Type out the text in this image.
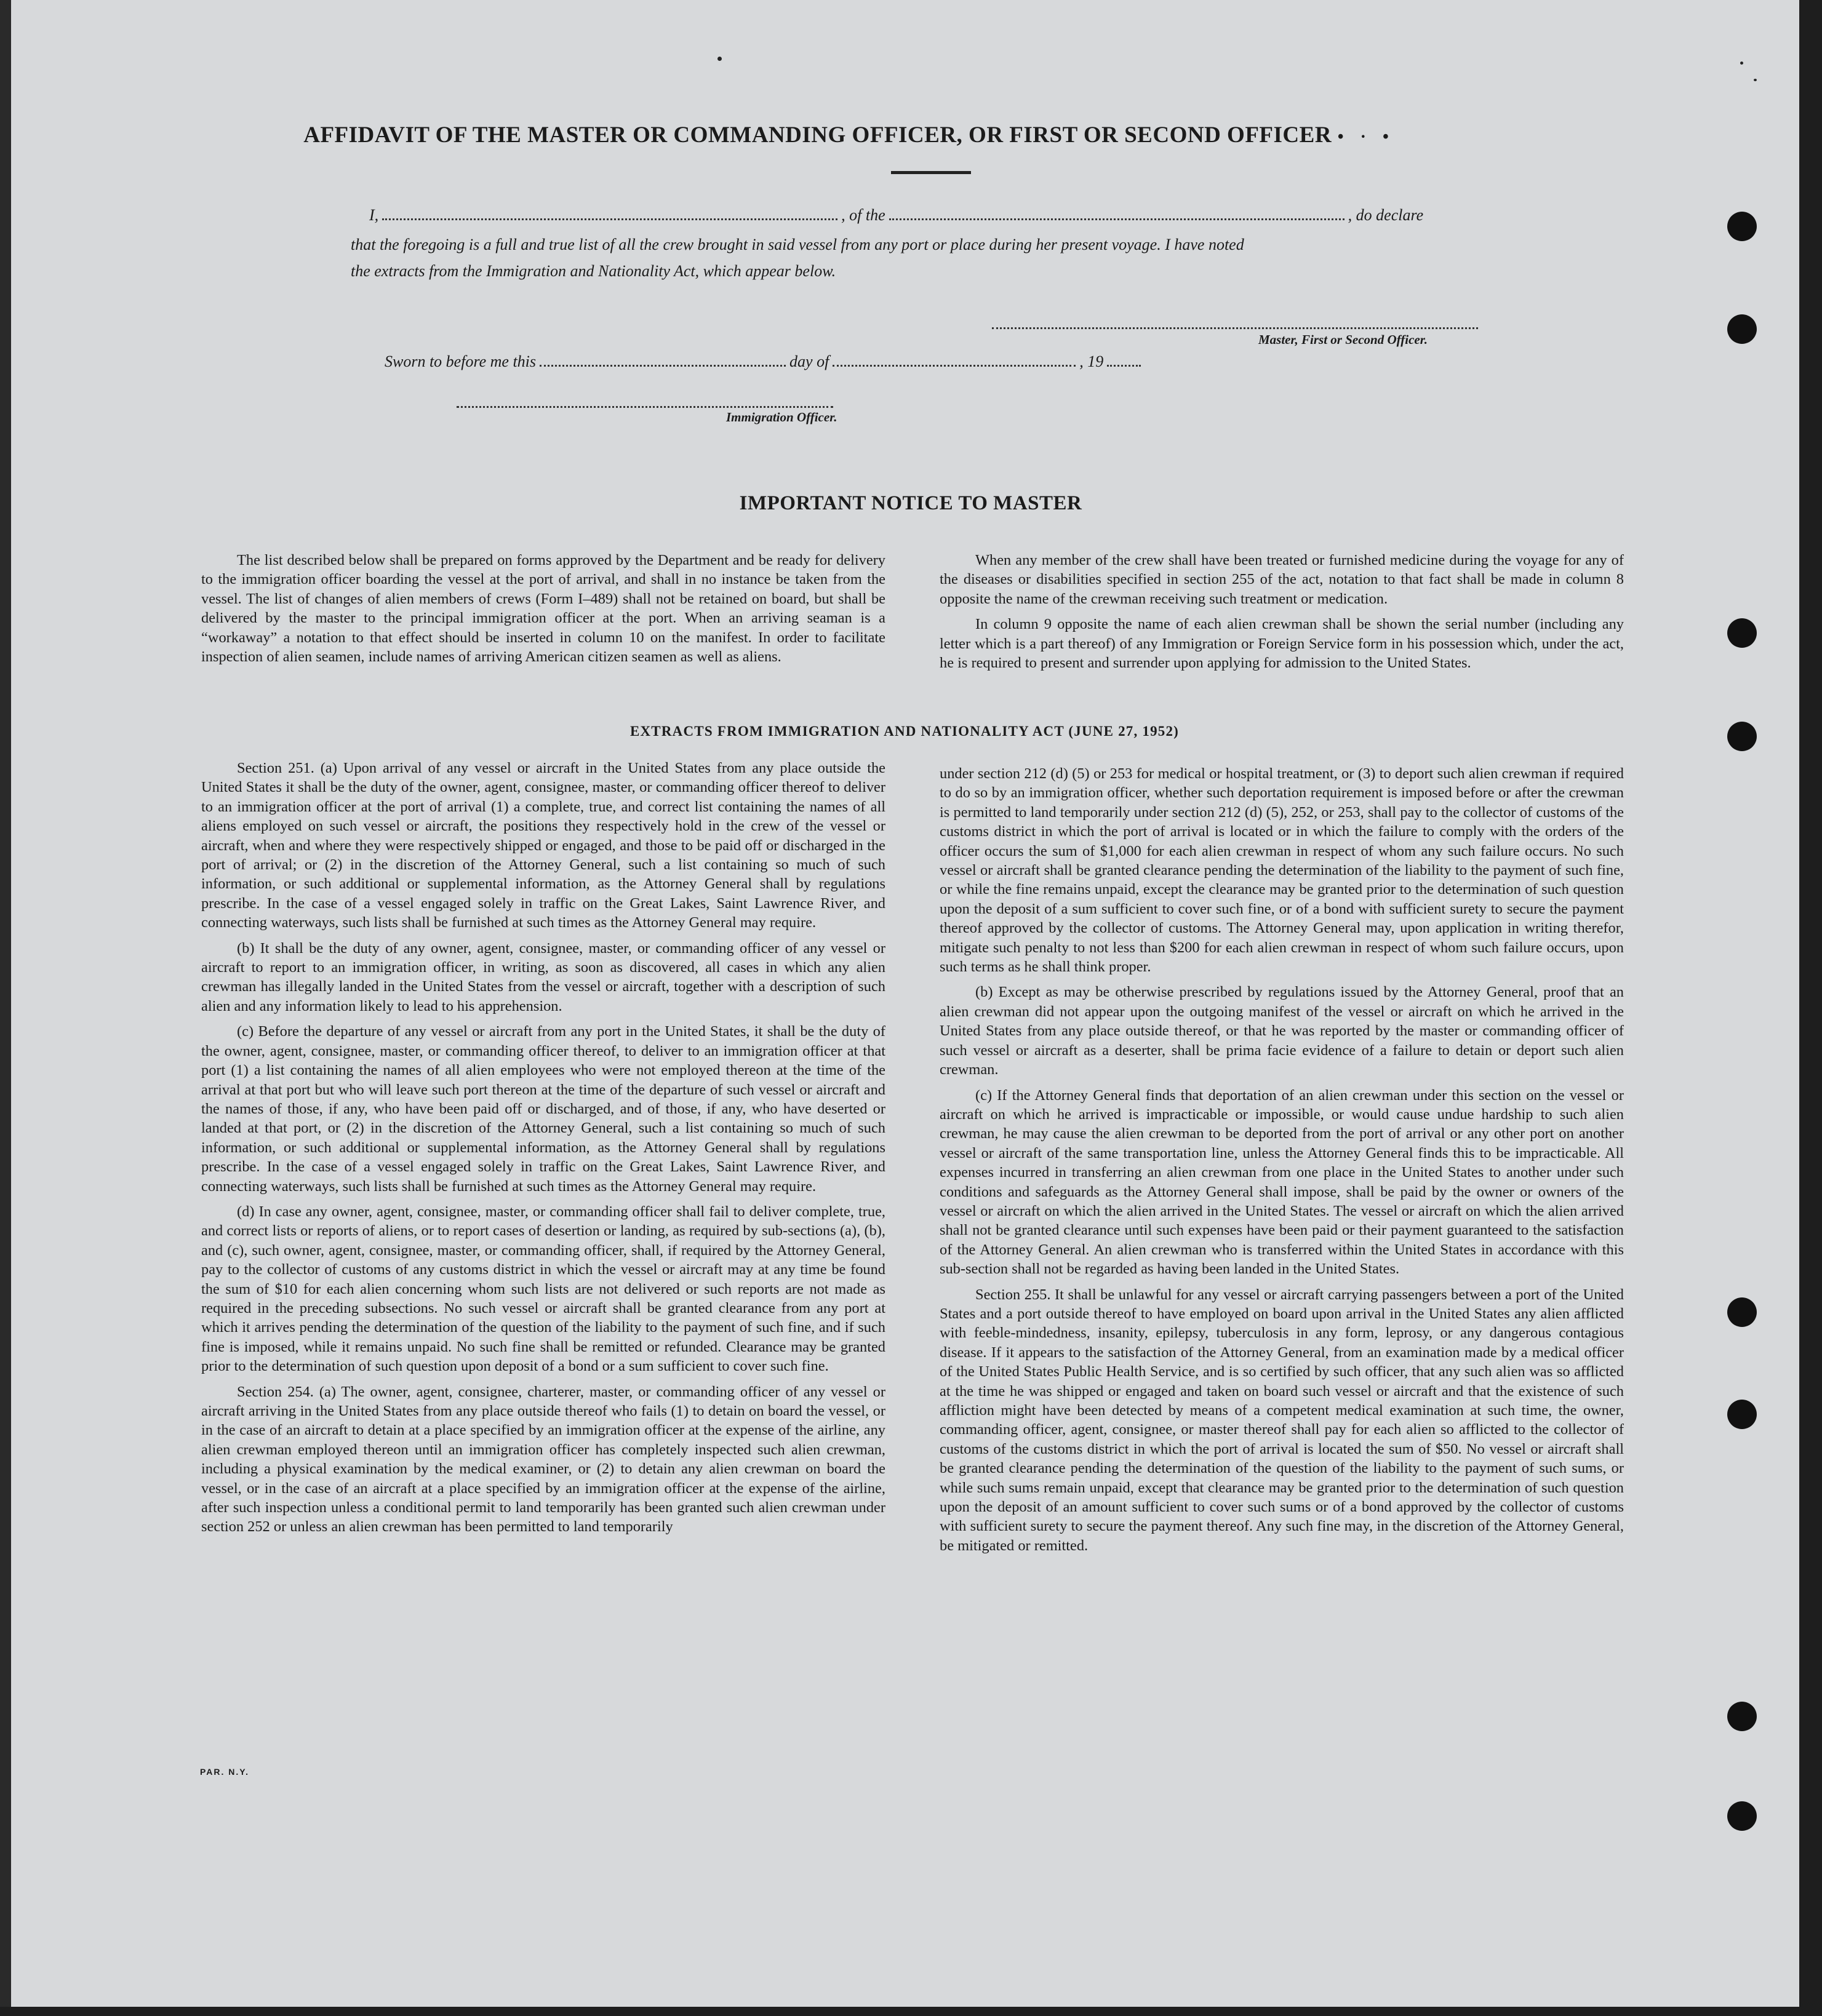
AFFIDAVIT OF THE MASTER OR COMMANDING OFFICER, OR FIRST OR SECOND OFFICER • · •
I,	, of the	, do declare
that the foregoing is a full and true list of all the crew brought in said vessel from any port or place during her present voyage. I have noted
the extracts from the Immigration and Nationality Act, which appear below.
Master, First or Second Officer.
Sworn to before me this	day of	, 19
Immigration Officer.
IMPORTANT NOTICE TO MASTER

The list described below shall be prepared on forms approved by the Department and be ready for delivery to the immigration officer boarding the vessel at the port of arrival, and shall in no instance be taken from the vessel. The list of changes of alien members of crews (Form I–489) shall not be retained on board, but shall be delivered by the master to the principal immigration officer at the port. When an arriving seaman is a “workaway” a notation to that effect should be inserted in column 10 on the manifest. In order to facilitate inspection of alien seamen, include names of arriving American citizen seamen as well as aliens.

When any member of the crew shall have been treated or furnished medicine during the voyage for any of the diseases or disabilities specified in section 255 of the act, notation to that fact shall be made in column 8 opposite the name of the crewman receiving such treatment or medication.

In column 9 opposite the name of each alien crewman shall be shown the serial number (including any letter which is a part thereof) of any Immigration or Foreign Service form in his possession which, under the act, he is required to present and surrender upon applying for admission to the United States.

EXTRACTS FROM IMMIGRATION AND NATIONALITY ACT (JUNE 27, 1952)

Section 251. (a) Upon arrival of any vessel or aircraft in the United States from any place outside the United States it shall be the duty of the owner, agent, consignee, master, or commanding officer thereof to deliver to an immigration officer at the port of arrival (1) a complete, true, and correct list containing the names of all aliens employed on such vessel or aircraft, the positions they respectively hold in the crew of the vessel or aircraft, when and where they were respectively shipped or engaged, and those to be paid off or discharged in the port of arrival; or (2) in the discretion of the Attorney General, such a list containing so much of such information, or such additional or supplemental information, as the Attorney General shall by regulations prescribe. In the case of a vessel engaged solely in traffic on the Great Lakes, Saint Lawrence River, and connecting waterways, such lists shall be furnished at such times as the Attorney General may require.

(b) It shall be the duty of any owner, agent, consignee, master, or commanding officer of any vessel or aircraft to report to an immigration officer, in writing, as soon as discovered, all cases in which any alien crewman has illegally landed in the United States from the vessel or aircraft, together with a description of such alien and any information likely to lead to his apprehension.

(c) Before the departure of any vessel or aircraft from any port in the United States, it shall be the duty of the owner, agent, consignee, master, or commanding officer thereof, to deliver to an immigration officer at that port (1) a list containing the names of all alien employees who were not employed thereon at the time of the arrival at that port but who will leave such port thereon at the time of the departure of such vessel or aircraft and the names of those, if any, who have been paid off or discharged, and of those, if any, who have deserted or landed at that port, or (2) in the discretion of the Attorney General, such a list containing so much of such information, or such additional or supplemental information, as the Attorney General shall by regulations prescribe. In the case of a vessel engaged solely in traffic on the Great Lakes, Saint Lawrence River, and connecting waterways, such lists shall be furnished at such times as the Attorney General may require.

(d) In case any owner, agent, consignee, master, or commanding officer shall fail to deliver complete, true, and correct lists or reports of aliens, or to report cases of desertion or landing, as required by sub-sections (a), (b), and (c), such owner, agent, consignee, master, or commanding officer, shall, if required by the Attorney General, pay to the collector of customs of any customs district in which the vessel or aircraft may at any time be found the sum of $10 for each alien concerning whom such lists are not delivered or such reports are not made as required in the preceding subsections. No such vessel or aircraft shall be granted clearance from any port at which it arrives pending the determination of the question of the liability to the payment of such fine, and if such fine is imposed, while it remains unpaid. No such fine shall be remitted or refunded. Clearance may be granted prior to the determination of such question upon deposit of a bond or a sum sufficient to cover such fine.

Section 254. (a) The owner, agent, consignee, charterer, master, or commanding officer of any vessel or aircraft arriving in the United States from any place outside thereof who fails (1) to detain on board the vessel, or in the case of an aircraft to detain at a place specified by an immigration officer at the expense of the airline, any alien crewman employed thereon until an immigration officer has completely inspected such alien crewman, including a physical examination by the medical examiner, or (2) to detain any alien crewman on board the vessel, or in the case of an aircraft at a place specified by an immigration officer at the expense of the airline, after such inspection unless a conditional permit to land temporarily has been granted such alien crewman under section 252 or unless an alien crewman has been permitted to land temporarily

under section 212 (d) (5) or 253 for medical or hospital treatment, or (3) to deport such alien crewman if required to do so by an immigration officer, whether such deportation requirement is imposed before or after the crewman is permitted to land temporarily under section 212 (d) (5), 252, or 253, shall pay to the collector of customs of the customs district in which the port of arrival is located or in which the failure to comply with the orders of the officer occurs the sum of $1,000 for each alien crewman in respect of whom any such failure occurs. No such vessel or aircraft shall be granted clearance pending the determination of the liability to the payment of such fine, or while the fine remains unpaid, except the clearance may be granted prior to the determination of such question upon the deposit of a sum sufficient to cover such fine, or of a bond with sufficient surety to secure the payment thereof approved by the collector of customs. The Attorney General may, upon application in writing therefor, mitigate such penalty to not less than $200 for each alien crewman in respect of whom such failure occurs, upon such terms as he shall think proper.

(b) Except as may be otherwise prescribed by regulations issued by the Attorney General, proof that an alien crewman did not appear upon the outgoing manifest of the vessel or aircraft on which he arrived in the United States from any place outside thereof, or that he was reported by the master or commanding officer of such vessel or aircraft as a deserter, shall be prima facie evidence of a failure to detain or deport such alien crewman.

(c) If the Attorney General finds that deportation of an alien crewman under this section on the vessel or aircraft on which he arrived is impracticable or impossible, or would cause undue hardship to such alien crewman, he may cause the alien crewman to be deported from the port of arrival or any other port on another vessel or aircraft of the same transportation line, unless the Attorney General finds this to be impracticable. All expenses incurred in transferring an alien crewman from one place in the United States to another under such conditions and safeguards as the Attorney General shall impose, shall be paid by the owner or owners of the vessel or aircraft on which the alien arrived in the United States. The vessel or aircraft on which the alien arrived shall not be granted clearance until such expenses have been paid or their payment guaranteed to the satisfaction of the Attorney General. An alien crewman who is transferred within the United States in accordance with this sub-section shall not be regarded as having been landed in the United States.

Section 255. It shall be unlawful for any vessel or aircraft carrying passengers between a port of the United States and a port outside thereof to have employed on board upon arrival in the United States any alien afflicted with feeble-mindedness, insanity, epilepsy, tuberculosis in any form, leprosy, or any dangerous contagious disease. If it appears to the satisfaction of the Attorney General, from an examination made by a medical officer of the United States Public Health Service, and is so certified by such officer, that any such alien was so afflicted at the time he was shipped or engaged and taken on board such vessel or aircraft and that the existence of such affliction might have been detected by means of a competent medical examination at such time, the owner, commanding officer, agent, consignee, or master thereof shall pay for each alien so afflicted to the collector of customs of the customs district in which the port of arrival is located the sum of $50. No vessel or aircraft shall be granted clearance pending the determination of the question of the liability to the payment of such sums, or while such sums remain unpaid, except that clearance may be granted prior to the determination of such question upon the deposit of an amount sufficient to cover such sums or of a bond approved by the collector of customs with sufficient surety to secure the payment thereof. Any such fine may, in the discretion of the Attorney General, be mitigated or remitted.

PAR. N.Y.
